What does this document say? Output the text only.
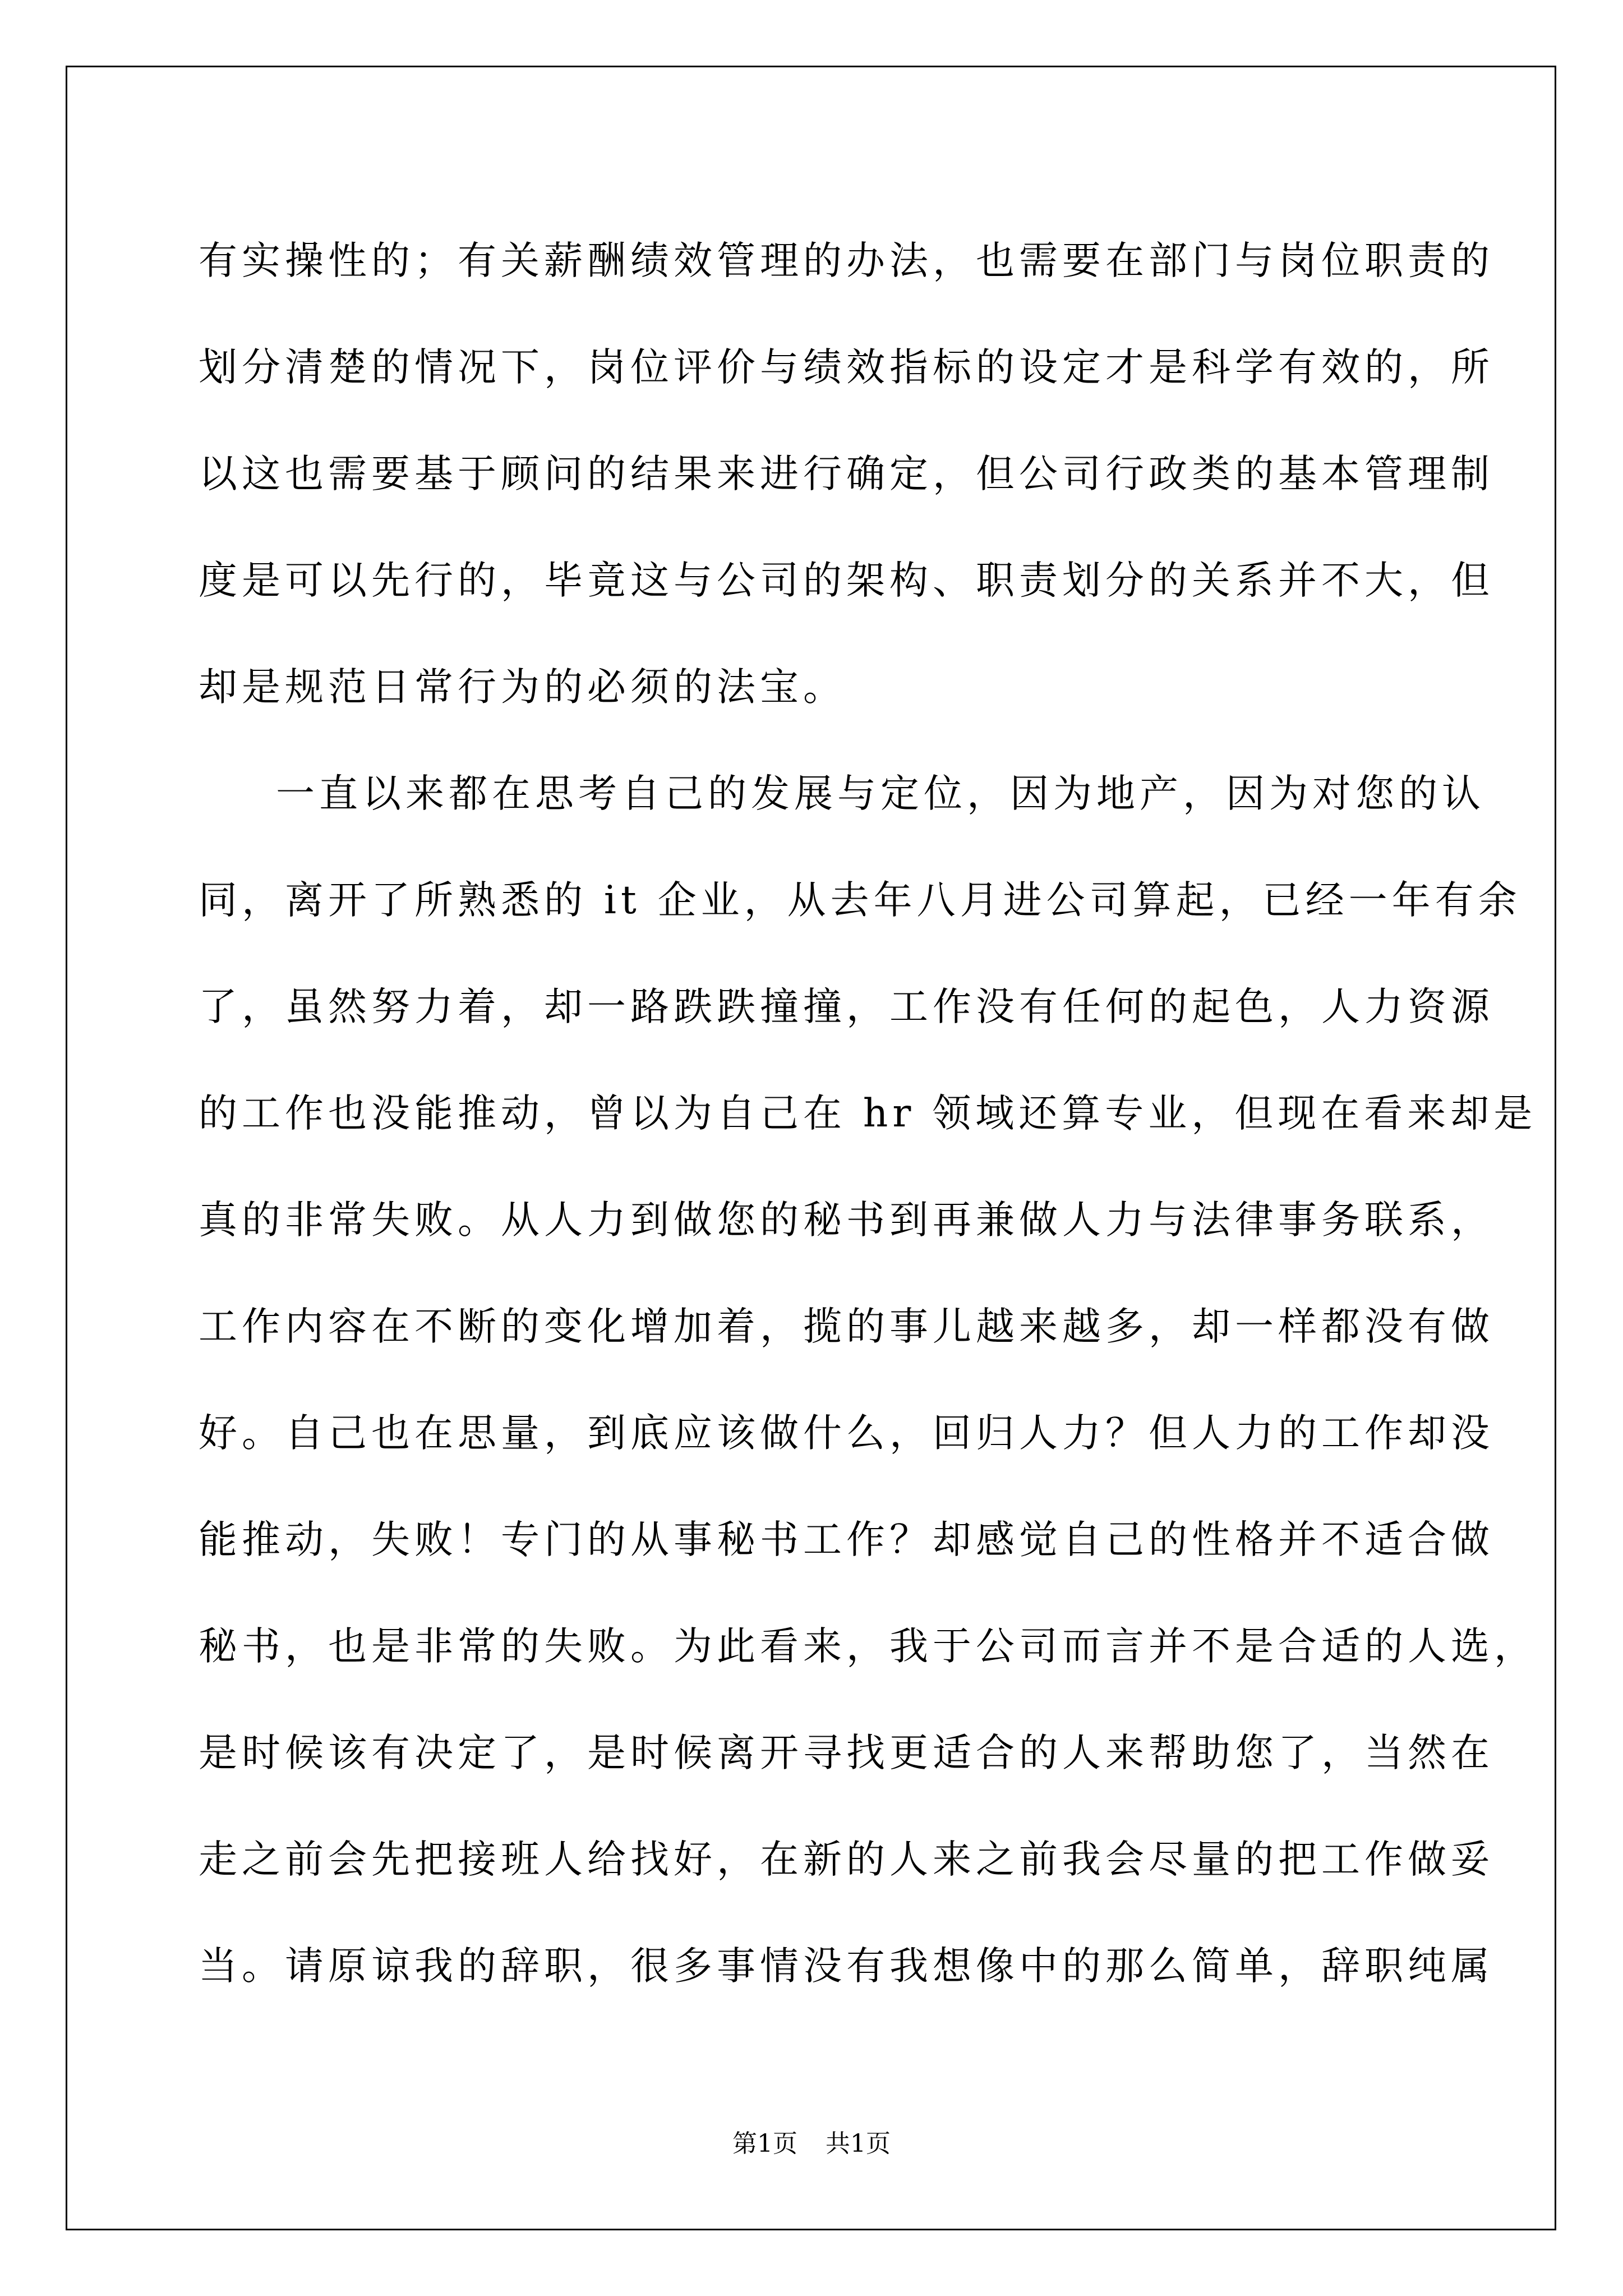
有实操性的；有关薪酬绩效管理的办法，也需要在部门与岗位职责的
划分清楚的情况下，岗位评价与绩效指标的设定才是科学有效的，所
以这也需要基于顾问的结果来进行确定，但公司行政类的基本管理制
度是可以先行的，毕竟这与公司的架构、职责划分的关系并不大，但
却是规范日常行为的必须的法宝。
一直以来都在思考自己的发展与定位，因为地产，因为对您的认
同，离开了所熟悉的 it 企业，从去年八月进公司算起，已经一年有余
了，虽然努力着，却一路跌跌撞撞，工作没有任何的起色，人力资源
的工作也没能推动，曾以为自己在 hr 领域还算专业，但现在看来却是
真的非常失败。从人力到做您的秘书到再兼做人力与法律事务联系，
工作内容在不断的变化增加着，揽的事儿越来越多，却一样都没有做
好。自己也在思量，到底应该做什么，回归人力？但人力的工作却没
能推动，失败！专门的从事秘书工作？却感觉自己的性格并不适合做
秘书，也是非常的失败。为此看来，我于公司而言并不是合适的人选，
是时候该有决定了，是时候离开寻找更适合的人来帮助您了，当然在
走之前会先把接班人给找好，在新的人来之前我会尽量的把工作做妥
当。请原谅我的辞职，很多事情没有我想像中的那么简单，辞职纯属
第1页 共1页
